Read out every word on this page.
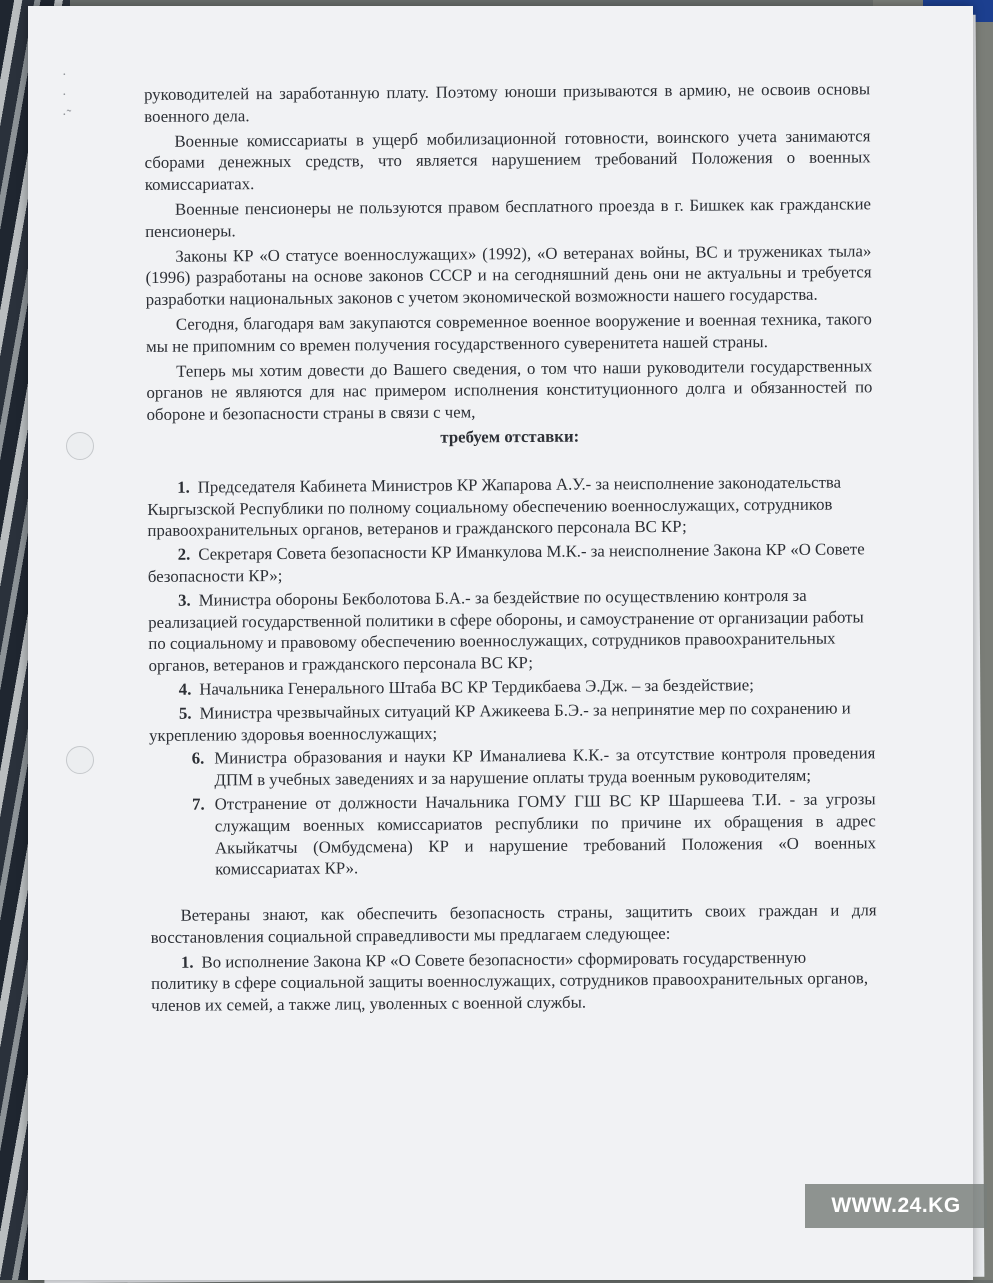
·
·
·˜

руководителей на заработанную плату. Поэтому юноши призываются в армию, не освоив основы военного дела.

Военные комиссариаты в ущерб мобилизационной готовности, воинского учета занимаются сборами денежных средств, что является нарушением требований Положения о военных комиссариатах.

Военные пенсионеры не пользуются правом бесплатного проезда в г. Бишкек как гражданские пенсионеры.

Законы КР «О статусе военнослужащих» (1992), «О ветеранах войны, ВС и тружениках тыла» (1996) разработаны на основе законов СССР и на сегодняшний день они не актуальны и требуется разработки национальных законов с учетом экономической возможности нашего государства.

Сегодня, благодаря вам закупаются современное военное вооружение и военная техника, такого мы не припомним со времен получения государственного суверенитета нашей страны.

Теперь мы хотим довести до Вашего сведения, о том что наши руководители государственных органов не являются для нас примером исполнения конституционного долга и обязанностей по обороне и безопасности страны в связи с чем,

требуем отставки:

1. Председателя Кабинета Министров КР Жапарова А.У.- за неисполнение законодательства Кыргызской Республики по полному социальному обеспечению военнослужащих, сотрудников правоохранительных органов, ветеранов и гражданского персонала ВС КР;
2. Секретаря Совета безопасности КР Иманкулова М.К.- за неисполнение Закона КР «О Совете безопасности КР»;
3. Министра обороны Бекболотова Б.А.- за бездействие по осуществлению контроля за реализацией государственной политики в сфере обороны, и самоустранение от организации работы по социальному и правовому обеспечению военнослужащих, сотрудников правоохранительных органов, ветеранов и гражданского персонала ВС КР;
4. Начальника Генерального Штаба ВС КР Тердикбаева Э.Дж. – за бездействие;
5. Министра чрезвычайных ситуаций КР Ажикеева Б.Э.- за непринятие мер по сохранению и укреплению здоровья военнослужащих;
6. Министра образования и науки КР Иманалиева К.К.- за отсутствие контроля проведения ДПМ в учебных заведениях и за нарушение оплаты труда военным руководителям;
7. Отстранение от должности Начальника ГОМУ ГШ ВС КР Шаршеева Т.И. - за угрозы служащим военных комиссариатов республики по причине их обращения в адрес Акыйкатчы (Омбудсмена) КР и нарушение требований Положения «О военных комиссариатах КР».

Ветераны знают, как обеспечить безопасность страны, защитить своих граждан и для восстановления социальной справедливости мы предлагаем следующее:

1. Во исполнение Закона КР «О Совете безопасности» сформировать государственную политику в сфере социальной защиты военнослужащих, сотрудников правоохранительных органов, членов их семей, а также лиц, уволенных с военной службы.
WWW.24.KG
